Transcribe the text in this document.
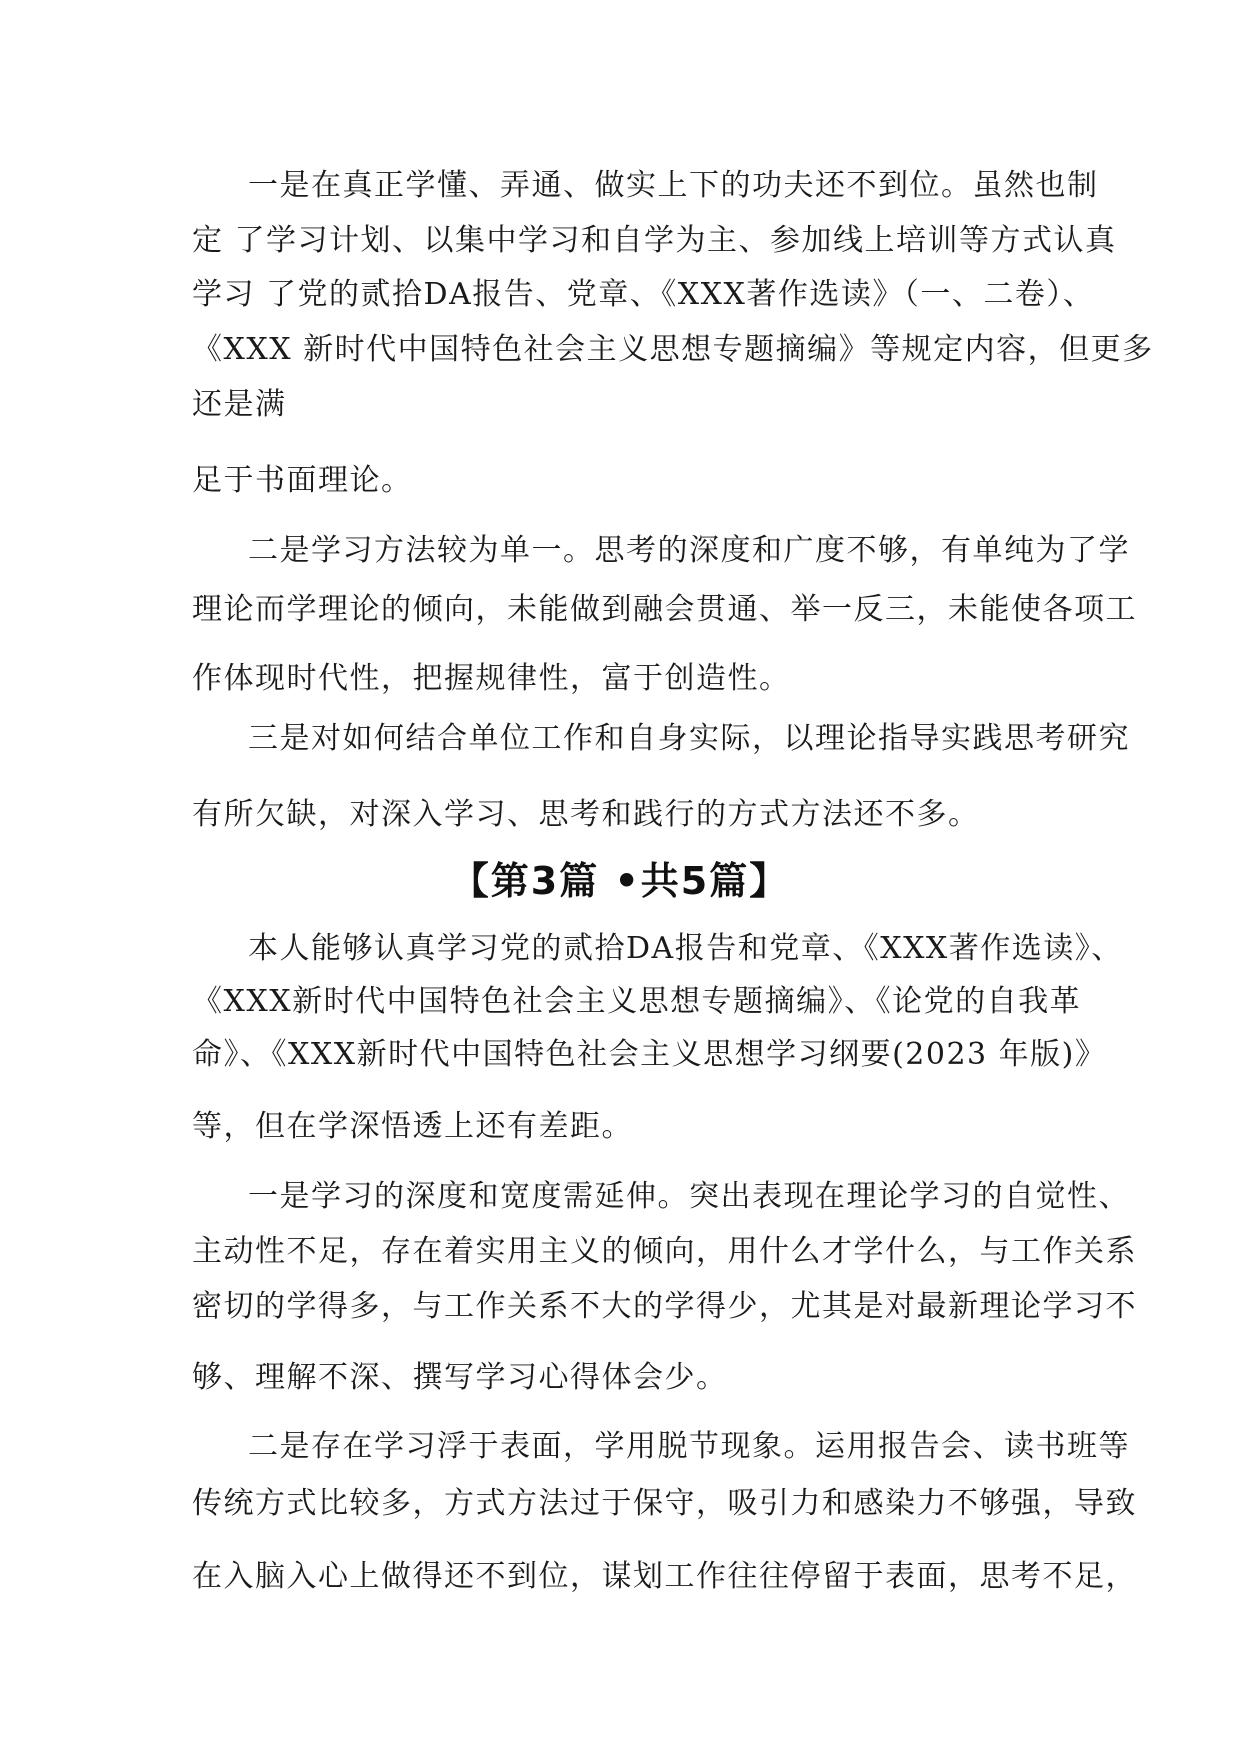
一是在真正学懂、弄通、做实上下的功夫还不到位。虽然也制
定 了学习计划、以集中学习和自学为主、参加线上培训等方式认真
学习 了党的贰拾DA报告、党章、《XXX著作选读》（一、二卷）、
《XXX 新时代中国特色社会主义思想专题摘编》等规定内容，但更多
还是满
足于书面理论。
二是学习方法较为单一。思考的深度和广度不够，有单纯为了学
理论而学理论的倾向，未能做到融会贯通、举一反三，未能使各项工
作体现时代性，把握规律性，富于创造性。
三是对如何结合单位工作和自身实际，以理论指导实践思考研究
有所欠缺，对深入学习、思考和践行的方式方法还不多。
【第3篇 •共5篇】
本人能够认真学习党的贰拾DA报告和党章、《XXX著作选读》、
《XXX新时代中国特色社会主义思想专题摘编》、《论党的自我革
命》、《XXX新时代中国特色社会主义思想学习纲要(2023 年版)》
等，但在学深悟透上还有差距。
一是学习的深度和宽度需延伸。突出表现在理论学习的自觉性、
主动性不足，存在着实用主义的倾向，用什么才学什么，与工作关系
密切的学得多，与工作关系不大的学得少，尤其是对最新理论学习不
够、理解不深、撰写学习心得体会少。
二是存在学习浮于表面，学用脱节现象。运用报告会、读书班等
传统方式比较多，方式方法过于保守，吸引力和感染力不够强，导致
在入脑入心上做得还不到位，谋划工作往往停留于表面，思考不足，
